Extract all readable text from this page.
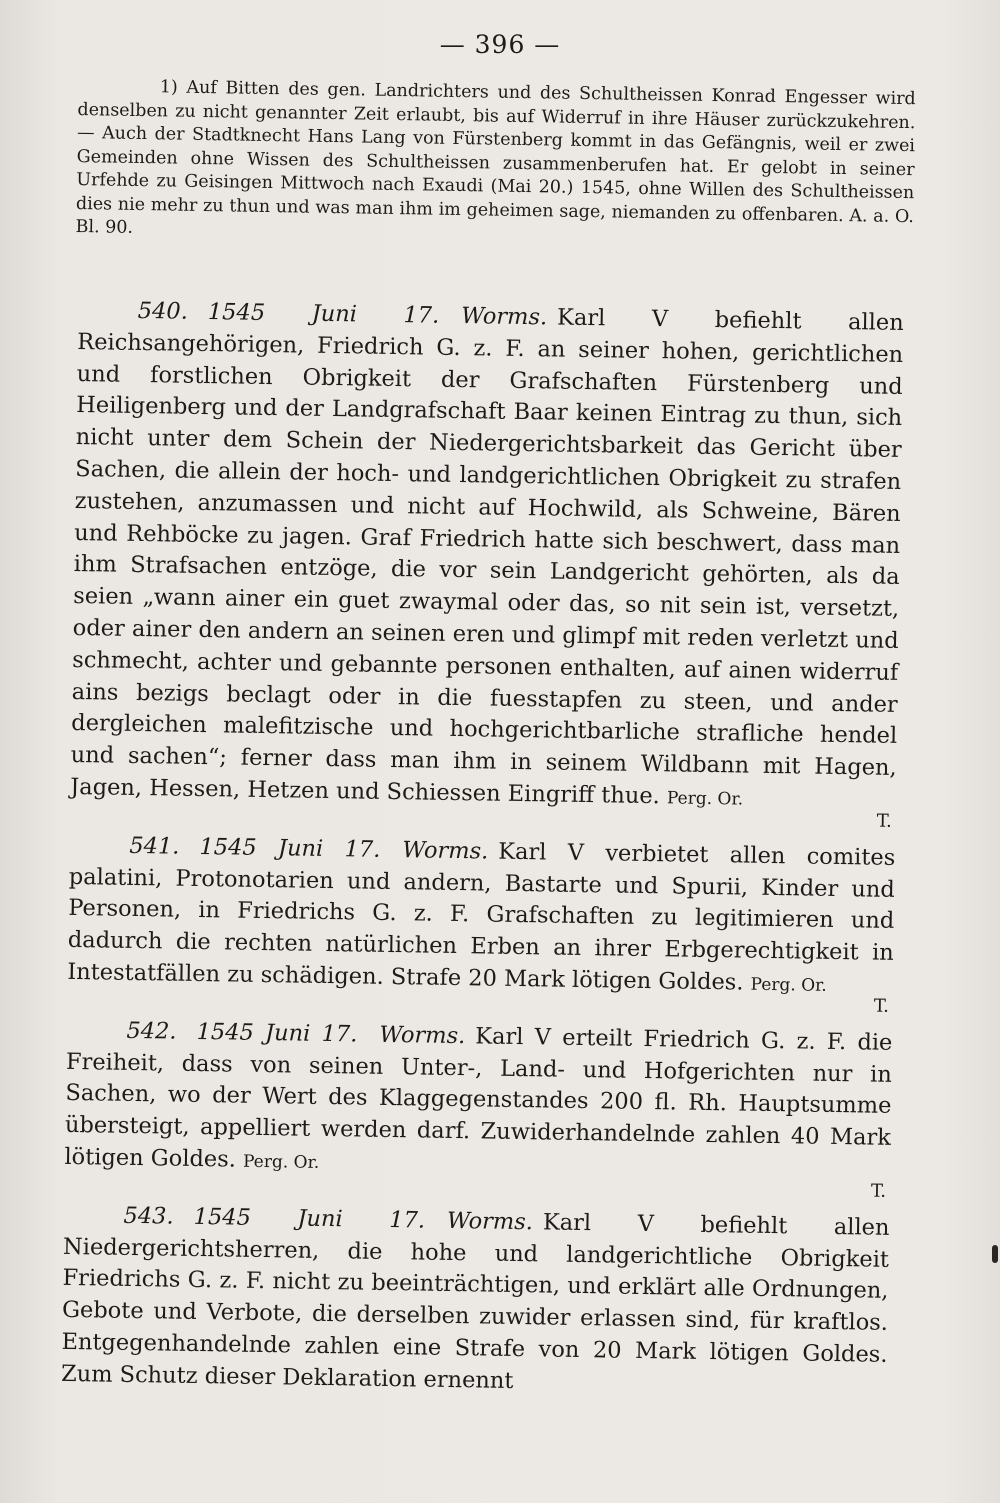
— 396 —

1) Auf Bitten des gen. Landrichters und des Schultheissen Konrad Engesser wird denselben zu nicht genannter Zeit erlaubt, bis auf Widerruf in ihre Häuser zurückzukehren. — Auch der Stadtknecht Hans Lang von Fürstenberg kommt in das Gefängnis, weil er zwei Gemeinden ohne Wissen des Schultheissen zusammenberufen hat. Er gelobt in seiner Urfehde zu Geisingen Mittwoch nach Exaudi (Mai 20.) 1545, ohne Willen des Schultheissen dies nie mehr zu thun und was man ihm im geheimen sage, niemanden zu offenbaren. A. a. O. Bl. 90.

540. 1545 Juni 17. Worms. Karl V befiehlt allen Reichsangehörigen, Friedrich G. z. F. an seiner hohen, gerichtlichen und forstlichen Obrigkeit der Grafschaften Fürstenberg und Heiligenberg und der Landgrafschaft Baar keinen Eintrag zu thun, sich nicht unter dem Schein der Niedergerichtsbarkeit das Gericht über Sachen, die allein der hoch- und landgerichtlichen Obrigkeit zu strafen zustehen, anzumassen und nicht auf Hochwild, als Schweine, Bären und Rehböcke zu jagen. Graf Friedrich hatte sich beschwert, dass man ihm Strafsachen entzöge, die vor sein Landgericht gehörten, als da seien „wann ainer ein guet zwaymal oder das, so nit sein ist, versetzt, oder ainer den andern an seinen eren und glimpf mit reden verletzt und schmecht, achter und gebannte personen enthalten, auf ainen widerruf ains bezigs beclagt oder in die fuesstapfen zu steen, und ander dergleichen malefitzische und hochgerichtbarliche strafliche hendel und sachen“; ferner dass man ihm in seinem Wildbann mit Hagen, Jagen, Hessen, Hetzen und Schiessen Eingriff thue. Perg. Or.

T.

541. 1545 Juni 17. Worms. Karl V verbietet allen comites palatini, Protonotarien und andern, Bastarte und Spurii, Kinder und Personen, in Friedrichs G. z. F. Grafschaften zu legitimieren und dadurch die rechten natürlichen Erben an ihrer Erbgerechtigkeit in Intestatfällen zu schädigen. Strafe 20 Mark lötigen Goldes. Perg. Or.

T.

542. 1545 Juni 17. Worms. Karl V erteilt Friedrich G. z. F. die Freiheit, dass von seinen Unter-, Land- und Hofgerichten nur in Sachen, wo der Wert des Klaggegenstandes 200 fl. Rh. Hauptsumme übersteigt, appelliert werden darf. Zuwiderhandelnde zahlen 40 Mark lötigen Goldes. Perg. Or.

T.

543. 1545 Juni 17. Worms. Karl V befiehlt allen Niedergerichtsherren, die hohe und landgerichtliche Obrigkeit Friedrichs G. z. F. nicht zu beeinträchtigen, und erklärt alle Ordnungen, Gebote und Verbote, die derselben zuwider erlassen sind, für kraftlos. Entgegenhandelnde zahlen eine Strafe von 20 Mark lötigen Goldes. Zum Schutz dieser Deklaration ernennt
